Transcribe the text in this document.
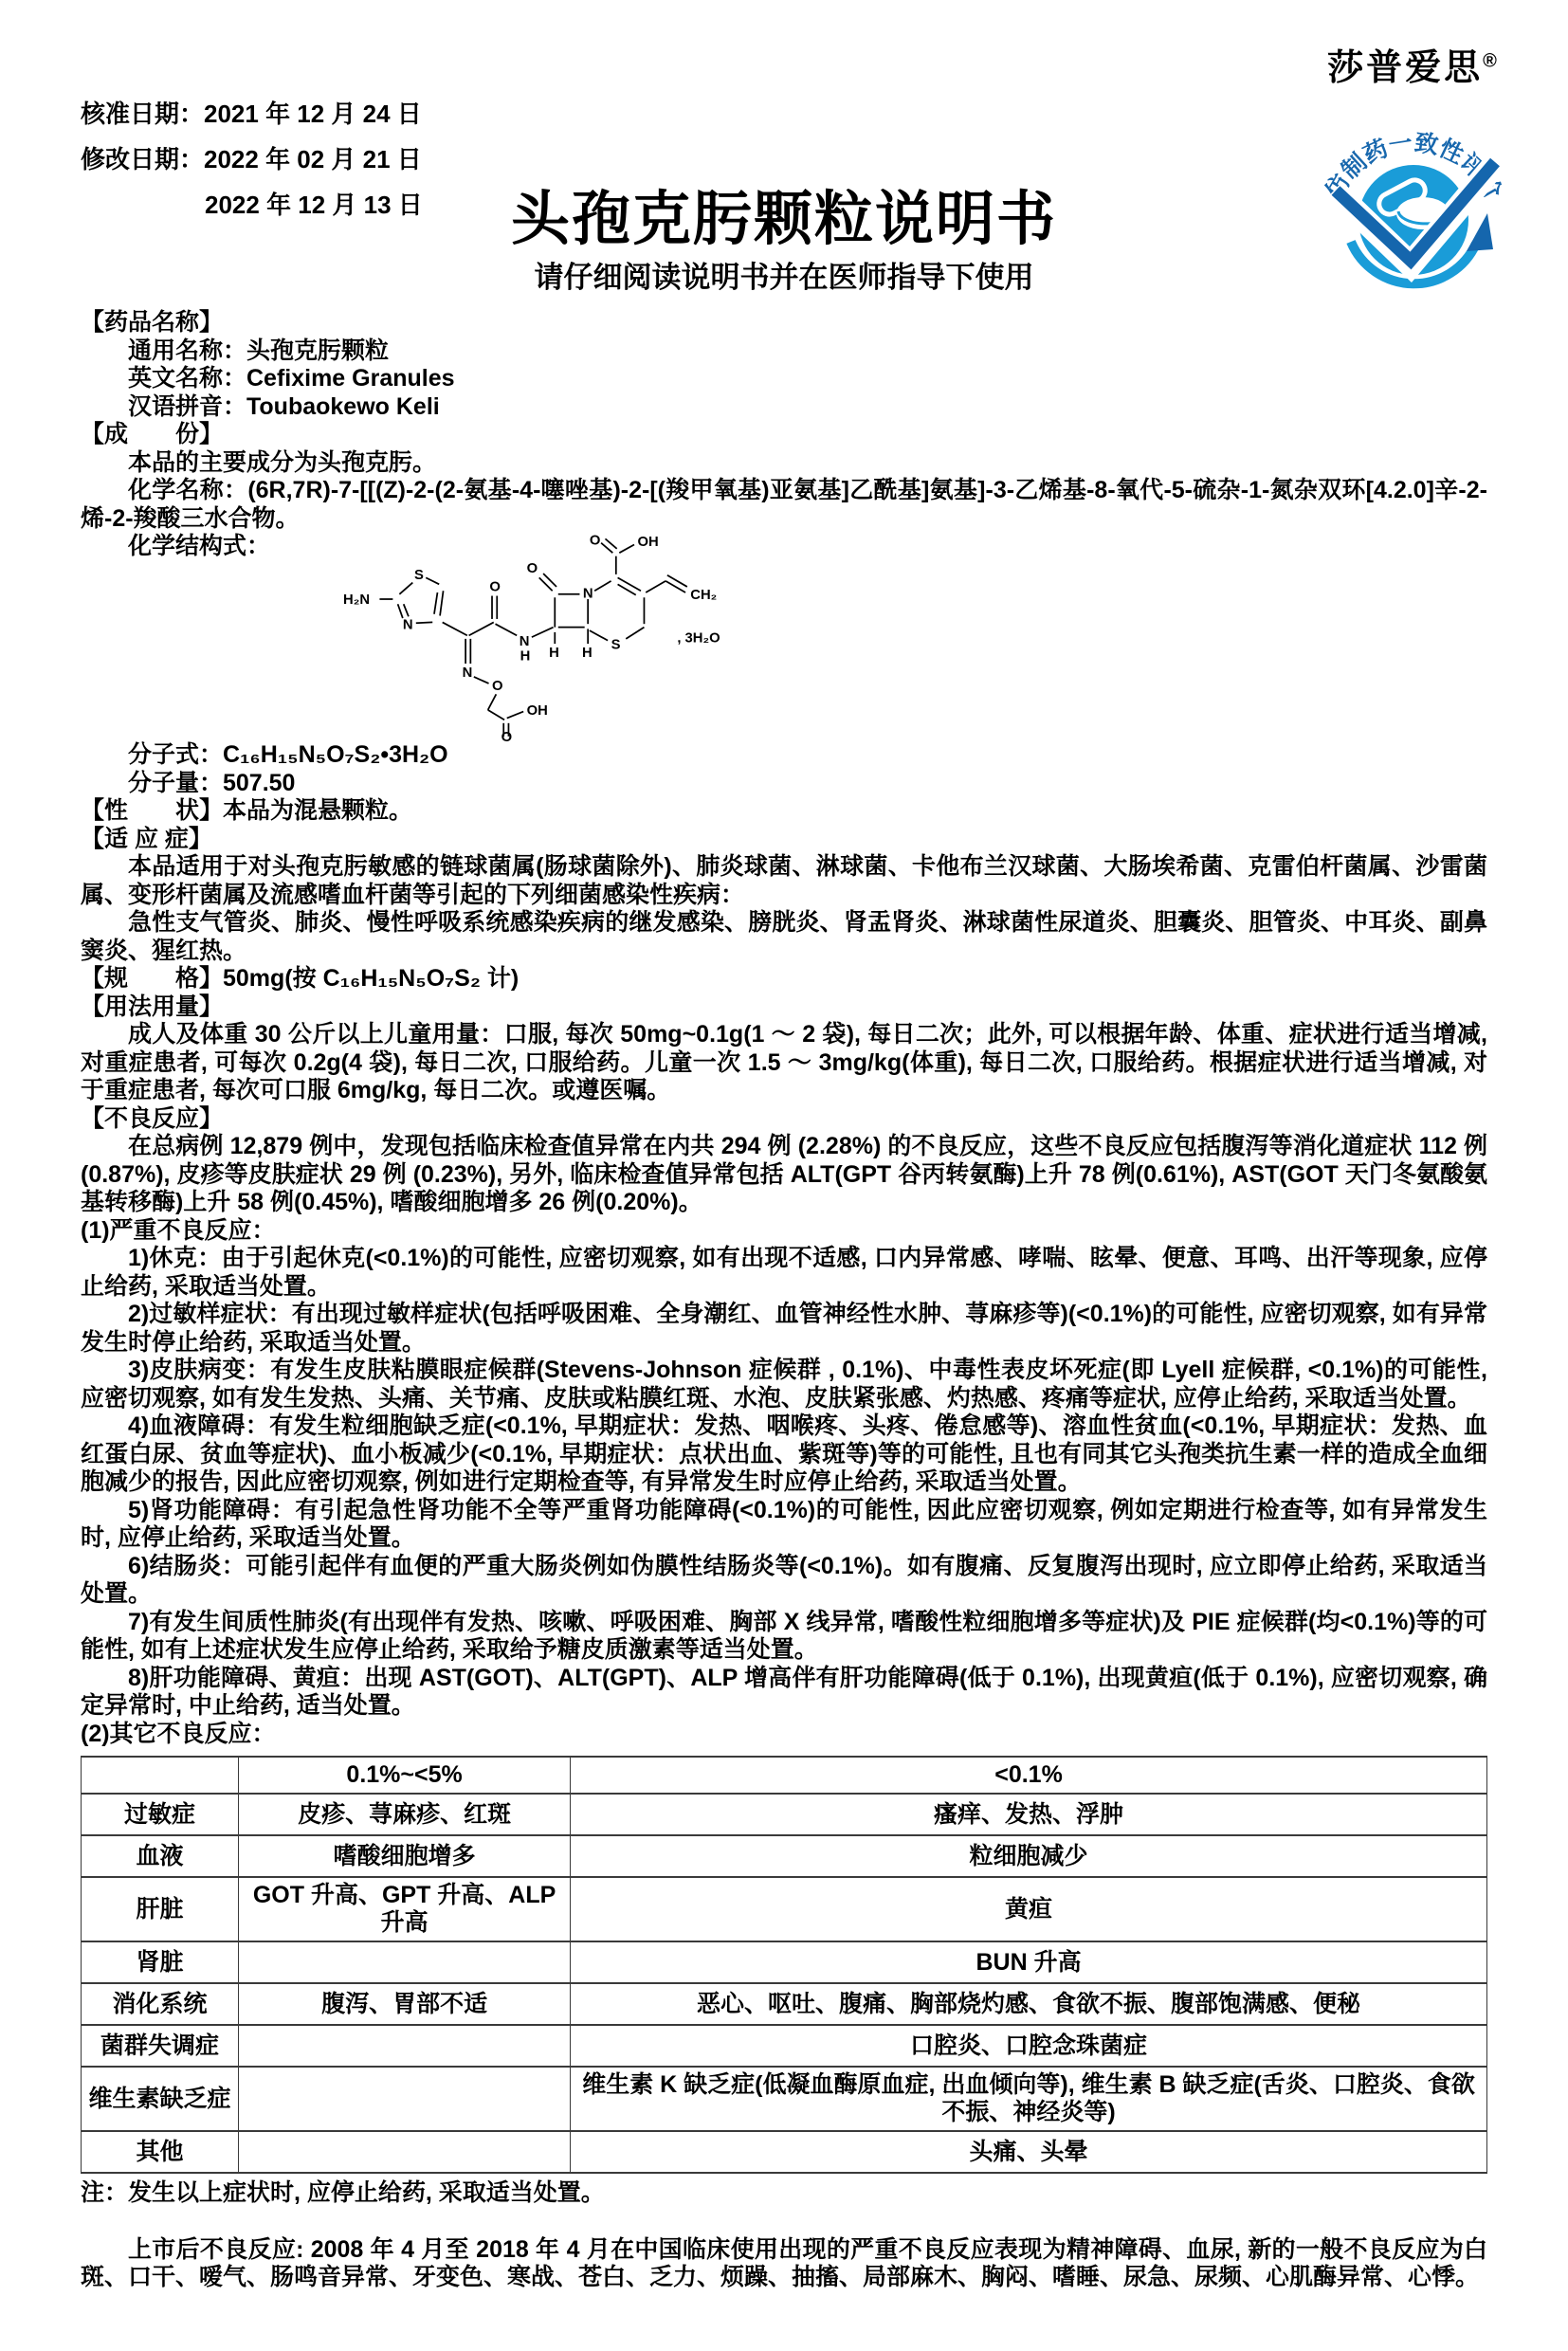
核准日期：2021 年 12 月 24 日
修改日期：2022 年 02 月 21 日
2022 年 12 月 13 日
莎普爱思®
仿制药一致性评价
头孢克肟颗粒说明书
请仔细阅读说明书并在医师指导下使用

【药品名称】

通用名称：头孢克肟颗粒

英文名称：Cefixime Granules

汉语拼音：Toubaokewo Keli

【成　　份】

本品的主要成分为头孢克肟。

化学名称：(6R,7R)-7-[[(Z)-2-(2-氨基-4-噻唑基)-2-[(羧甲氧基)亚氨基]乙酰基]氨基]-3-乙烯基-8-氧代-5-硫杂-1-氮杂双环[4.2.0]辛-2-烯-2-羧酸三水合物。

化学结构式：

H₂N
S
N
N
O
O
OH
O
N
H
O
N
H H
S
O OH
CH₂
, 3H₂O

分子式：C₁₆H₁₅N₅O₇S₂•3H₂O

分子量：507.50

【性　　状】本品为混悬颗粒。

【适 应 症】

本品适用于对头孢克肟敏感的链球菌属(肠球菌除外)、肺炎球菌、淋球菌、卡他布兰汉球菌、大肠埃希菌、克雷伯杆菌属、沙雷菌属、变形杆菌属及流感嗜血杆菌等引起的下列细菌感染性疾病：

急性支气管炎、肺炎、慢性呼吸系统感染疾病的继发感染、膀胱炎、肾盂肾炎、淋球菌性尿道炎、胆囊炎、胆管炎、中耳炎、副鼻窦炎、猩红热。

【规　　格】50mg(按 C₁₆H₁₅N₅O₇S₂ 计)

【用法用量】

成人及体重 30 公斤以上儿童用量：口服, 每次 50mg~0.1g(1 ～ 2 袋), 每日二次；此外, 可以根据年龄、体重、症状进行适当增减, 对重症患者, 可每次 0.2g(4 袋), 每日二次, 口服给药。儿童一次 1.5 ～ 3mg/kg(体重), 每日二次, 口服给药。根据症状进行适当增减, 对于重症患者, 每次可口服 6mg/kg, 每日二次。或遵医嘱。

【不良反应】

在总病例 12,879 例中，发现包括临床检查值异常在内共 294 例 (2.28%) 的不良反应，这些不良反应包括腹泻等消化道症状 112 例 (0.87%), 皮疹等皮肤症状 29 例 (0.23%), 另外, 临床检查值异常包括 ALT(GPT 谷丙转氨酶)上升 78 例(0.61%), AST(GOT 天门冬氨酸氨基转移酶)上升 58 例(0.45%), 嗜酸细胞增多 26 例(0.20%)。

(1)严重不良反应：

1)休克：由于引起休克(<0.1%)的可能性, 应密切观察, 如有出现不适感, 口内异常感、哮喘、眩晕、便意、耳鸣、出汗等现象, 应停止给药, 采取适当处置。

2)过敏样症状：有出现过敏样症状(包括呼吸困难、全身潮红、血管神经性水肿、荨麻疹等)(<0.1%)的可能性, 应密切观察, 如有异常发生时停止给药, 采取适当处置。

3)皮肤病变：有发生皮肤粘膜眼症候群(Stevens-Johnson 症候群 , 0.1%)、中毒性表皮坏死症(即 Lyell 症候群, <0.1%)的可能性, 应密切观察, 如有发生发热、头痛、关节痛、皮肤或粘膜红斑、水泡、皮肤紧张感、灼热感、疼痛等症状, 应停止给药, 采取适当处置。

4)血液障碍：有发生粒细胞缺乏症(<0.1%, 早期症状：发热、咽喉疼、头疼、倦怠感等)、溶血性贫血(<0.1%, 早期症状：发热、血红蛋白尿、贫血等症状)、血小板减少(<0.1%, 早期症状：点状出血、紫斑等)等的可能性, 且也有同其它头孢类抗生素一样的造成全血细胞减少的报告, 因此应密切观察, 例如进行定期检查等, 有异常发生时应停止给药, 采取适当处置。

5)肾功能障碍：有引起急性肾功能不全等严重肾功能障碍(<0.1%)的可能性, 因此应密切观察, 例如定期进行检查等, 如有异常发生时, 应停止给药, 采取适当处置。

6)结肠炎：可能引起伴有血便的严重大肠炎例如伪膜性结肠炎等(<0.1%)。如有腹痛、反复腹泻出现时, 应立即停止给药, 采取适当处置。

7)有发生间质性肺炎(有出现伴有发热、咳嗽、呼吸困难、胸部 X 线异常, 嗜酸性粒细胞增多等症状)及 PIE 症候群(均<0.1%)等的可能性, 如有上述症状发生应停止给药, 采取给予糖皮质激素等适当处置。

8)肝功能障碍、黄疸：出现 AST(GOT)、ALT(GPT)、ALP 增高伴有肝功能障碍(低于 0.1%), 出现黄疸(低于 0.1%), 应密切观察, 确定异常时, 中止给药, 适当处置。

(2)其它不良反应：

	0.1%~<5%	<0.1%
过敏症	皮疹、荨麻疹、红斑	瘙痒、发热、浮肿
血液	嗜酸细胞增多	粒细胞减少
肝脏	GOT 升高、GPT 升高、ALP 升高	黄疸
肾脏		BUN 升高
消化系统	腹泻、胃部不适	恶心、呕吐、腹痛、胸部烧灼感、食欲不振、腹部饱满感、便秘
菌群失调症		口腔炎、口腔念珠菌症
维生素缺乏症		维生素 K 缺乏症(低凝血酶原血症, 出血倾向等), 维生素 B 缺乏症(舌炎、口腔炎、食欲不振、神经炎等)
其他		头痛、头晕

注：发生以上症状时, 应停止给药, 采取适当处置。

上市后不良反应: 2008 年 4 月至 2018 年 4 月在中国临床使用出现的严重不良反应表现为精神障碍、血尿, 新的一般不良反应为白斑、口干、嗳气、肠鸣音异常、牙变色、寒战、苍白、乏力、烦躁、抽搐、局部麻木、胸闷、嗜睡、尿急、尿频、心肌酶异常、心悸。
